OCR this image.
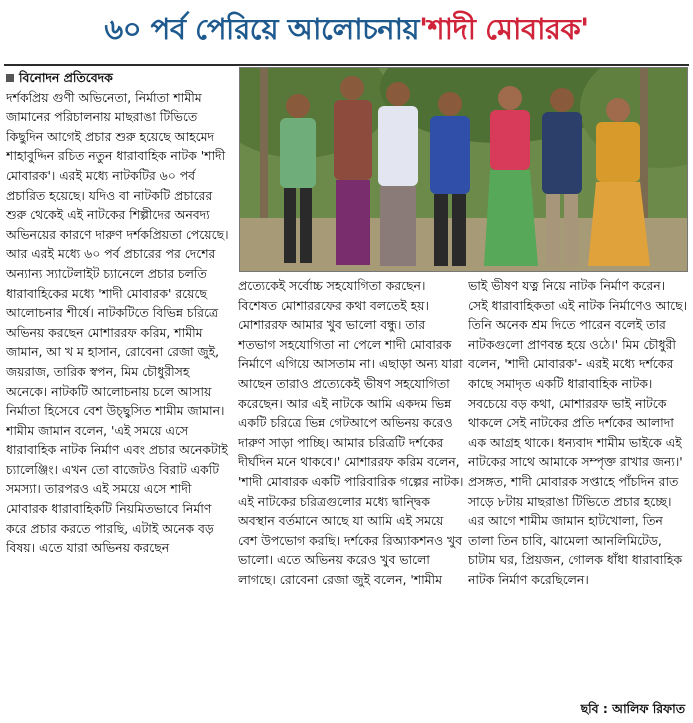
৬০ পর্ব পেরিয়ে আলোচনায় 'শাদী মোবারক'
বিনোদন প্রতিবেদক

দর্শকপ্রিয় গুণী অভিনেতা, নির্মাতা শামীম জামানের পরিচালনায় মাছরাঙা টিভিতে কিছুদিন আগেই প্রচার শুরু হয়েছে আহমেদ শাহাবুদ্দিন রচিত নতুন ধারাবাহিক নাটক 'শাদী মোবারক'। এরই মধ্যে নাটকটির ৬০ পর্ব প্রচারিত হয়েছে। যদিও বা নাটকটি প্রচারের শুরু থেকেই এই নাটকের শিল্পীদের অনবদ্য অভিনয়ের কারণে দারুণ দর্শকপ্রিয়তা পেয়েছে। আর এরই মধ্যে ৬০ পর্ব প্রচারের পর দেশের অন্যান্য স্যাটেলাইট চ্যানেলে প্রচার চলতি ধারাবাহিকের মধ্যে 'শাদী মোবারক' রয়েছে আলোচনার শীর্ষে। নাটকটিতে বিভিন্ন চরিত্রে অভিনয় করছেন মোশাররফ করিম, শামীম জামান, আ খ ম হাসান, রোবেনা রেজা জুই, জয়রাজ, তারিক স্বপন, মিম চৌধুরীসহ অনেকে। নাটকটি আলোচনায় চলে আসায় নির্মাতা হিসেবে বেশ উচ্ছ্বসিত শামীম জামান। শামীম জামান বলেন, 'এই সময়ে এসে ধারাবাহিক নাটক নির্মাণ এবং প্রচার অনেকটাই চ্যালেঞ্জিং। এখন তো বাজেটও বিরাট একটি সমস্যা। তারপরও এই সময়ে এসে শাদী মোবারক ধারাবাহিকটি নিয়মিতভাবে নির্মাণ করে প্রচার করতে পারছি, এটাই অনেক বড় বিষয়। এতে যারা অভিনয় করছেন

প্রত্যেকেই সর্বোচ্চ সহযোগিতা করছেন। বিশেষত মোশাররফের কথা বলতেই হয়। মোশাররফ আমার খুব ভালো বন্ধু। তার শতভাগ সহযোগিতা না পেলে শাদী মোবারক নির্মাণে এগিয়ে আসতাম না। এছাড়া অন্য যারা আছেন তারাও প্রত্যেকেই ভীষণ সহযোগিতা করেছেন। আর এই নাটকে আমি একদম ভিন্ন একটি চরিত্রে ভিন্ন গেটআপে অভিনয় করেও দারুণ সাড়া পাচ্ছি। আমার চরিত্রটি দর্শকের দীর্ঘদিন মনে থাকবে।' মোশাররফ করিম বলেন, 'শাদী মোবারক একটি পারিবারিক গল্পের নাটক। এই নাটকের চরিত্রগুলোর মধ্যে দ্বান্দ্বিক অবস্থান বর্তমানে আছে যা আমি এই সময়ে বেশ উপভোগ করছি। দর্শকের রিঅ্যাকশনও খুব ভালো। এতে অভিনয় করেও খুব ভালো লাগছে। রোবেনা রেজা জুই বলেন, 'শামীম

ভাই ভীষণ যত্ন নিয়ে নাটক নির্মাণ করেন। সেই ধারাবাহিকতা এই নাটক নির্মাণেও আছে। তিনি অনেক শ্রম দিতে পারেন বলেই তার নাটকগুলো প্রাণবন্ত হয়ে ওঠে।' মিম চৌধুরী বলেন, 'শাদী মোবারক'- এরই মধ্যে দর্শকের কাছে সমাদৃত একটি ধারাবাহিক নাটক। সবচেয়ে বড় কথা, মোশাররফ ভাই নাটকে থাকলে সেই নাটকের প্রতি দর্শকের আলাদা এক আগ্রহ থাকে। ধন্যবাদ শামীম ভাইকে এই নাটকের সাথে আমাকে সম্পৃক্ত রাখার জন্য।' প্রসঙ্গত, শাদী মোবারক সপ্তাহে পাঁচদিন রাত সাড়ে ৮টায় মাছরাঙা টিভিতে প্রচার হচ্ছে। এর আগে শামীম জামান হাটখোলা, তিন তালা তিন চাবি, ঝামেলা আনলিমিটেড, চাটাম ঘর, প্রিয়জন, গোলক ধাঁধা ধারাবাহিক নাটক নির্মাণ করেছিলেন।

ছবি : আলিফ রিফাত
